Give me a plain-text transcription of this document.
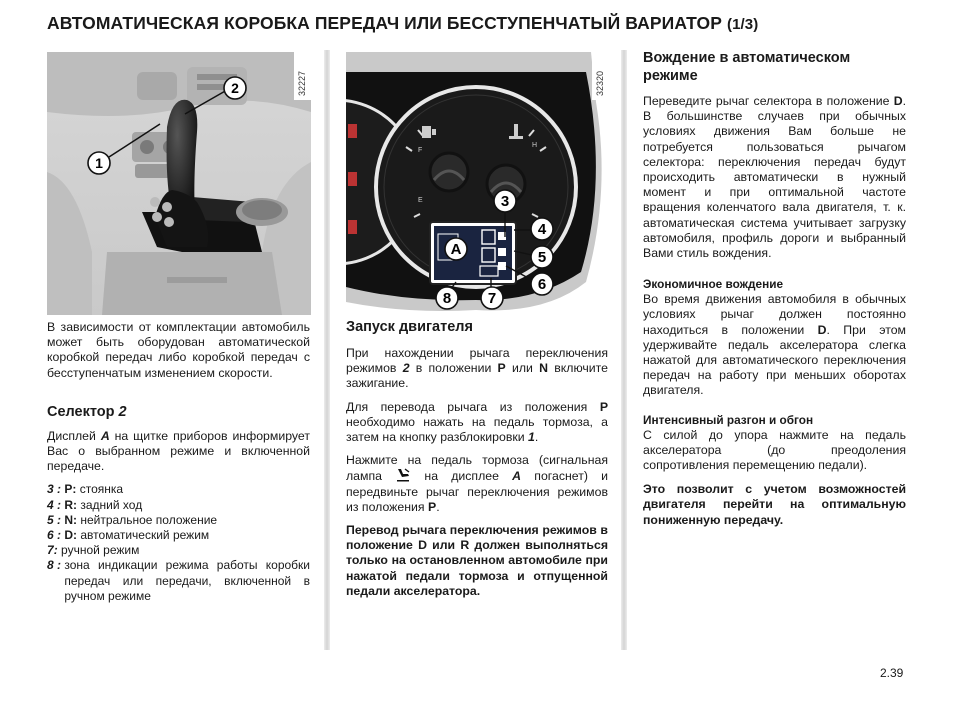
АВТОМАТИЧЕСКАЯ КОРОБКА ПЕРЕДАЧ ИЛИ БЕССТУПЕНЧАТЫЙ ВАРИАТОР (1/3)
2
1
32227
E
F
H
3
4
5
6
7
8
A
32320

В зависимости от комплектации автомобиль может быть оборудован автоматической коробкой передач либо коробкой передач с бесступенчатым изменением скорости.

Селектор 2

Дисплей A на щитке приборов информирует Вас о выбранном режиме и включенной передаче.

3 : P: стоянка
4 : R: задний ход
5 : N: нейтральное положение
6 : D: автоматический режим
7: ручной режим
8 : зона индикации режима работы коробки передач или передачи, включенной в ручном режиме
Запуск двигателя

При нахождении рычага переключения режимов 2 в положении P или N включите зажигание.

Для перевода рычага из положения P необходимо нажать на педаль тормоза, а затем на кнопку разблокировки 1.

Нажмите на педаль тормоза (сигнальная лампа	на дисплее A погаснет) и передвиньте рычаг переключения режимов из положения P.

Перевод рычага переключения режимов в положение D или R должен выполняться только на остановленном автомобиле при нажатой педали тормоза и отпущенной педали акселератора.

Вождение в автоматическом режиме

Переведите рычаг селектора в положение D. В большинстве случаев при обычных условиях движения Вам больше не потребуется пользоваться рычагом селектора: переключения передач будут происходить автоматически в нужный момент и при оптимальной частоте вращения коленчатого вала двигателя, т. к. автоматическая система учитывает загрузку автомобиля, профиль дороги и выбранный Вами стиль вождения.

Экономичное вождение

Во время движения автомобиля в обычных условиях рычаг должен постоянно находиться в положении D. При этом удерживайте педаль акселератора слегка нажатой для автоматического переключения передач на работу при меньших оборотах двигателя.

Интенсивный разгон и обгон

С силой до упора нажмите на педаль акселератора (до преодоления сопротивления перемещению педали).

Это позволит с учетом возможностей двигателя перейти на оптимальную пониженную передачу.

2.39
